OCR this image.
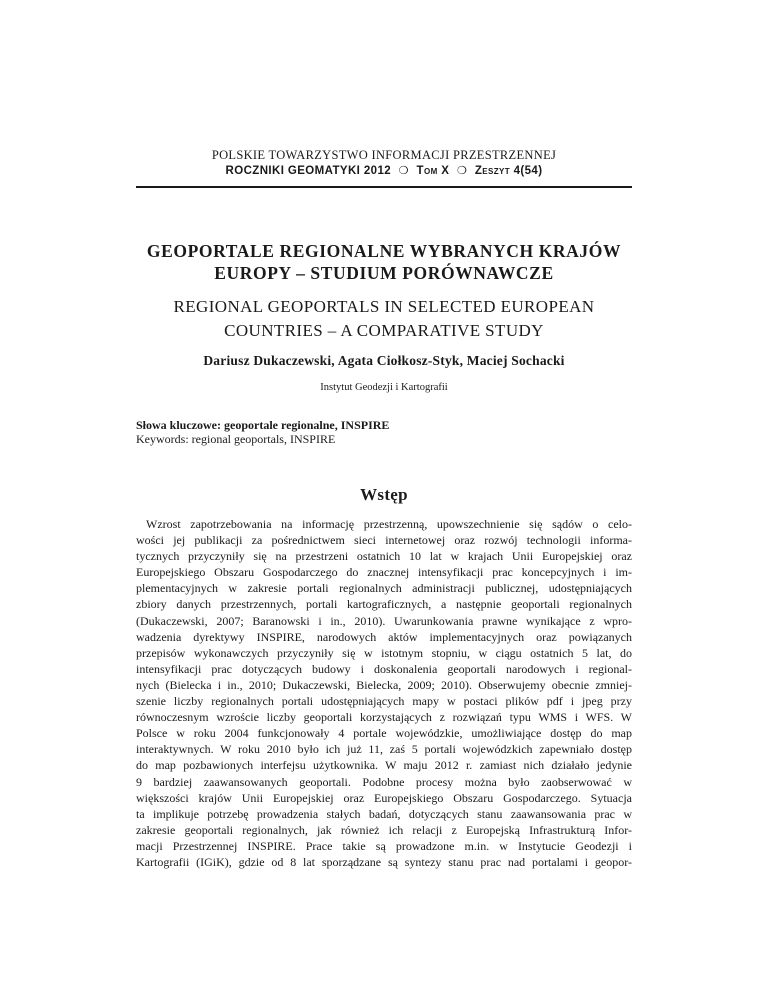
POLSKIE TOWARZYSTWO INFORMACJI PRZESTRZENNEJ
ROCZNIKI GEOMATYKI 2012 ❍ Tom X ❍ Zeszyt 4(54)
GEOPORTALE REGIONALNE WYBRANYCH KRAJÓW
EUROPY – STUDIUM PORÓWNAWCZE
REGIONAL GEOPORTALS IN SELECTED EUROPEAN
COUNTRIES – A COMPARATIVE STUDY
Dariusz Dukaczewski, Agata Ciołkosz-Styk, Maciej Sochacki
Instytut Geodezji i Kartografii
Słowa kluczowe: geoportale regionalne, INSPIRE
Keywords: regional geoportals, INSPIRE
Wstęp
Wzrost zapotrzebowania na informację przestrzenną, upowszechnienie się sądów o celo-
wości jej publikacji za pośrednictwem sieci internetowej oraz rozwój technologii informa-
tycznych przyczyniły się na przestrzeni ostatnich 10 lat w krajach Unii Europejskiej oraz
Europejskiego Obszaru Gospodarczego do znacznej intensyfikacji prac koncepcyjnych i im-
plementacyjnych w zakresie portali regionalnych administracji publicznej, udostępniających
zbiory danych przestrzennych, portali kartograficznych, a następnie geoportali regionalnych
(Dukaczewski, 2007; Baranowski i in., 2010). Uwarunkowania prawne wynikające z wpro-
wadzenia dyrektywy INSPIRE, narodowych aktów implementacyjnych oraz powiązanych
przepisów wykonawczych przyczyniły się w istotnym stopniu, w ciągu ostatnich 5 lat, do
intensyfikacji prac dotyczących budowy i doskonalenia geoportali narodowych i regional-
nych (Bielecka i in., 2010; Dukaczewski, Bielecka, 2009; 2010). Obserwujemy obecnie zmniej-
szenie liczby regionalnych portali udostępniających mapy w postaci plików pdf i jpeg przy
równoczesnym wzroście liczby geoportali korzystających z rozwiązań typu WMS i WFS. W
Polsce w roku 2004 funkcjonowały 4 portale wojewódzkie, umożliwiające dostęp do map
interaktywnych. W roku 2010 było ich już 11, zaś 5 portali wojewódzkich zapewniało dostęp
do map pozbawionych interfejsu użytkownika. W maju 2012 r. zamiast nich działało jedynie
9 bardziej zaawansowanych geoportali. Podobne procesy można było zaobserwować w
większości krajów Unii Europejskiej oraz Europejskiego Obszaru Gospodarczego. Sytuacja
ta implikuje potrzebę prowadzenia stałych badań, dotyczących stanu zaawansowania prac w
zakresie geoportali regionalnych, jak również ich relacji z Europejską Infrastrukturą Infor-
macji Przestrzennej INSPIRE. Prace takie są prowadzone m.in. w Instytucie Geodezji i
Kartografii (IGiK), gdzie od 8 lat sporządzane są syntezy stanu prac nad portalami i geopor-
